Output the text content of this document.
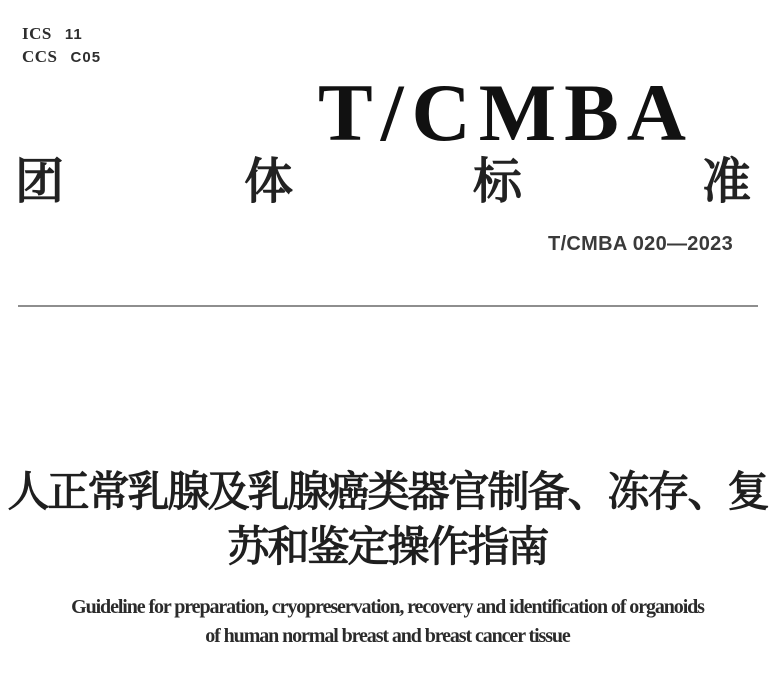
ICS 11
CCS C05
T/CMBA
团	体	标	准
T/CMBA 020—2023
人正常乳腺及乳腺癌类器官制备、冻存、复
苏和鉴定操作指南
Guideline for preparation, cryopreservation, recovery and identification of organoids
of human normal breast and breast cancer tissue
